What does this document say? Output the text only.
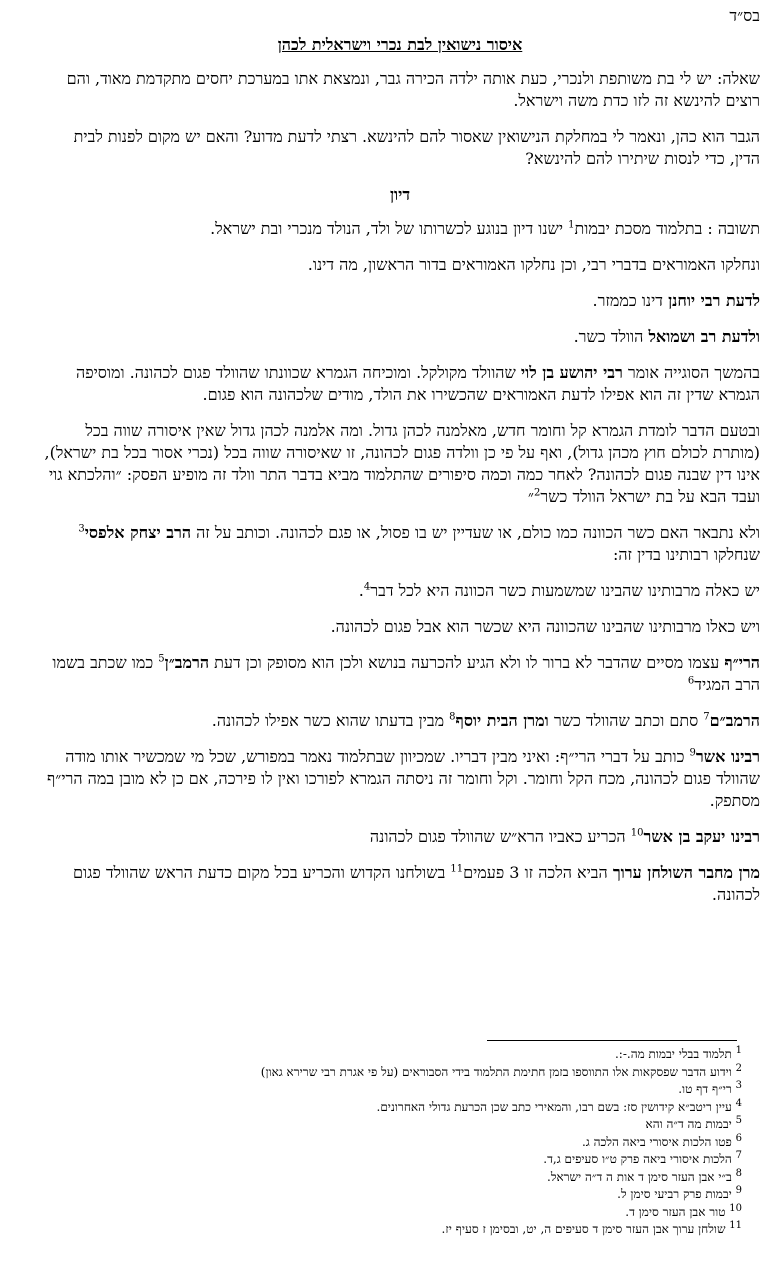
בס״ד
איסור נישואין לבת נכרי וישראלית לכהן

שאלה: יש לי בת משותפת ולנכרי, כעת אותה ילדה הכירה גבר, ונמצאת אתו במערכת יחסים מתקדמת מאוד, והם רוצים להינשא זה לזו כדת משה וישראל.

הגבר הוא כהן, ונאמר לי במחלקת הנישואין שאסור להם להינשא. רצתי לדעת מדוע? והאם יש מקום לפנות לבית הדין, כדי לנסות שיתירו להם להינשא?

דיון

תשובה : בתלמוד מסכת יבמות$^1$ ישנו דיון בנוגע לכשרותו של ולד, הנולד מנכרי ובת ישראל.

ונחלקו האמוראים בדברי רבי, וכן נחלקו האמוראים בדור הראשון, מה דינו.

לדעת רבי יוחנן דינו כממזר.

ולדעת רב ושמואל הוולד כשר.

בהמשך הסוגייה אומר רבי יהושע בן לוי שהוולד מקולקל. ומוכיחה הגמרא שכוונתו שהוולד פגום לכהונה. ומוסיפה הגמרא שדין זה הוא אפילו לדעת האמוראים שהכשירו את הולד, מודים שלכהונה הוא פגום.

ובטעם הדבר לומדת הגמרא קל וחומר חדש, מאלמנה לכהן גדול. ומה אלמנה לכהן גדול שאין איסורה שווה בכל (מותרת לכולם חוץ מכהן גדול), ואף על פי כן וולדה פגום לכהונה, זו שאיסורה שווה בכל (נכרי אסור בכל בת ישראל), אינו דין שבנה פגום לכהונה? לאחר כמה וכמה סיפורים שהתלמוד מביא בדבר התר וולד זה מופיע הפסק: ״והלכתא גוי ועבד הבא על בת ישראל הוולד כשר$^2$״

ולא נתבאר האם כשר הכוונה כמו כולם, או שעדיין יש בו פסול, או פגם לכהונה. וכותב על זה הרב יצחק אלפסי$^3$ שנחלקו רבותינו בדין זה:

יש כאלה מרבותינו שהבינו שמשמעות כשר הכוונה היא לכל דבר$^4$.

ויש כאלו מרבותינו שהבינו שהכוונה היא שכשר הוא אבל פגום לכהונה.

הרי״ף עצמו מסיים שהדבר לא ברור לו ולא הגיע להכרעה בנושא ולכן הוא מסופק וכן דעת הרמב״ן$^5$ כמו שכתב בשמו הרב המגיד$^6$

הרמב״ם$^7$ סתם וכתב שהוולד כשר ומרן הבית יוסף$^8$ מבין בדעתו שהוא כשר אפילו לכהונה.

רבינו אשר$^9$ כותב על דברי הרי״ף: ואיני מבין דבריו. שמכיוון שבתלמוד נאמר במפורש, שכל מי שמכשיר אותו מודה שהוולד פגום לכהונה, מכח הקל וחומר. וקל וחומר זה ניסתה הגמרא לפורכו ואין לו פירכה, אם כן לא מובן במה הרי״ף מסתפק.

רבינו יעקב בן אשר$^{10}$ הכריע כאביו הרא״ש שהוולד פגום לכהונה

מרן מחבר השולחן ערוך הביא הלכה זו 3 פעמים$^{11}$ בשולחנו הקדוש והכריע בכל מקום כדעת הראש שהוולד פגום לכהונה.

$^1$ תלמוד בבלי יבמות מה.-:.

$^2$ וידוע הדבר שפסקאות אלו התווספו בזמן חתימת התלמוד בידי הסבוראים (על פי אגרת רבי שרירא גאון)

$^3$ רי״ף דף טו.

$^4$ עיין ריטב״א קידושין סז: בשם רבו, והמאירי כתב שכן הכרעת גדולי האחרונים.

$^5$ יבמות מה ד״ה והא

$^6$ פטו הלכות איסורי ביאה הלכה ג.

$^7$ הלכות איסורי ביאה פרק ט״ו סעיפים ג,ד.

$^8$ ב״י אבן העזר סימן ד אות ה ד״ה ישראל.

$^9$ יבמות פרק רביעי סימן ל.

$^{10}$ טור אבן העזר סימן ד.

$^{11}$ שולחן ערוך אבן העזר סימן ד סעיפים ה, יט, ובסימן ז סעיף יז.
